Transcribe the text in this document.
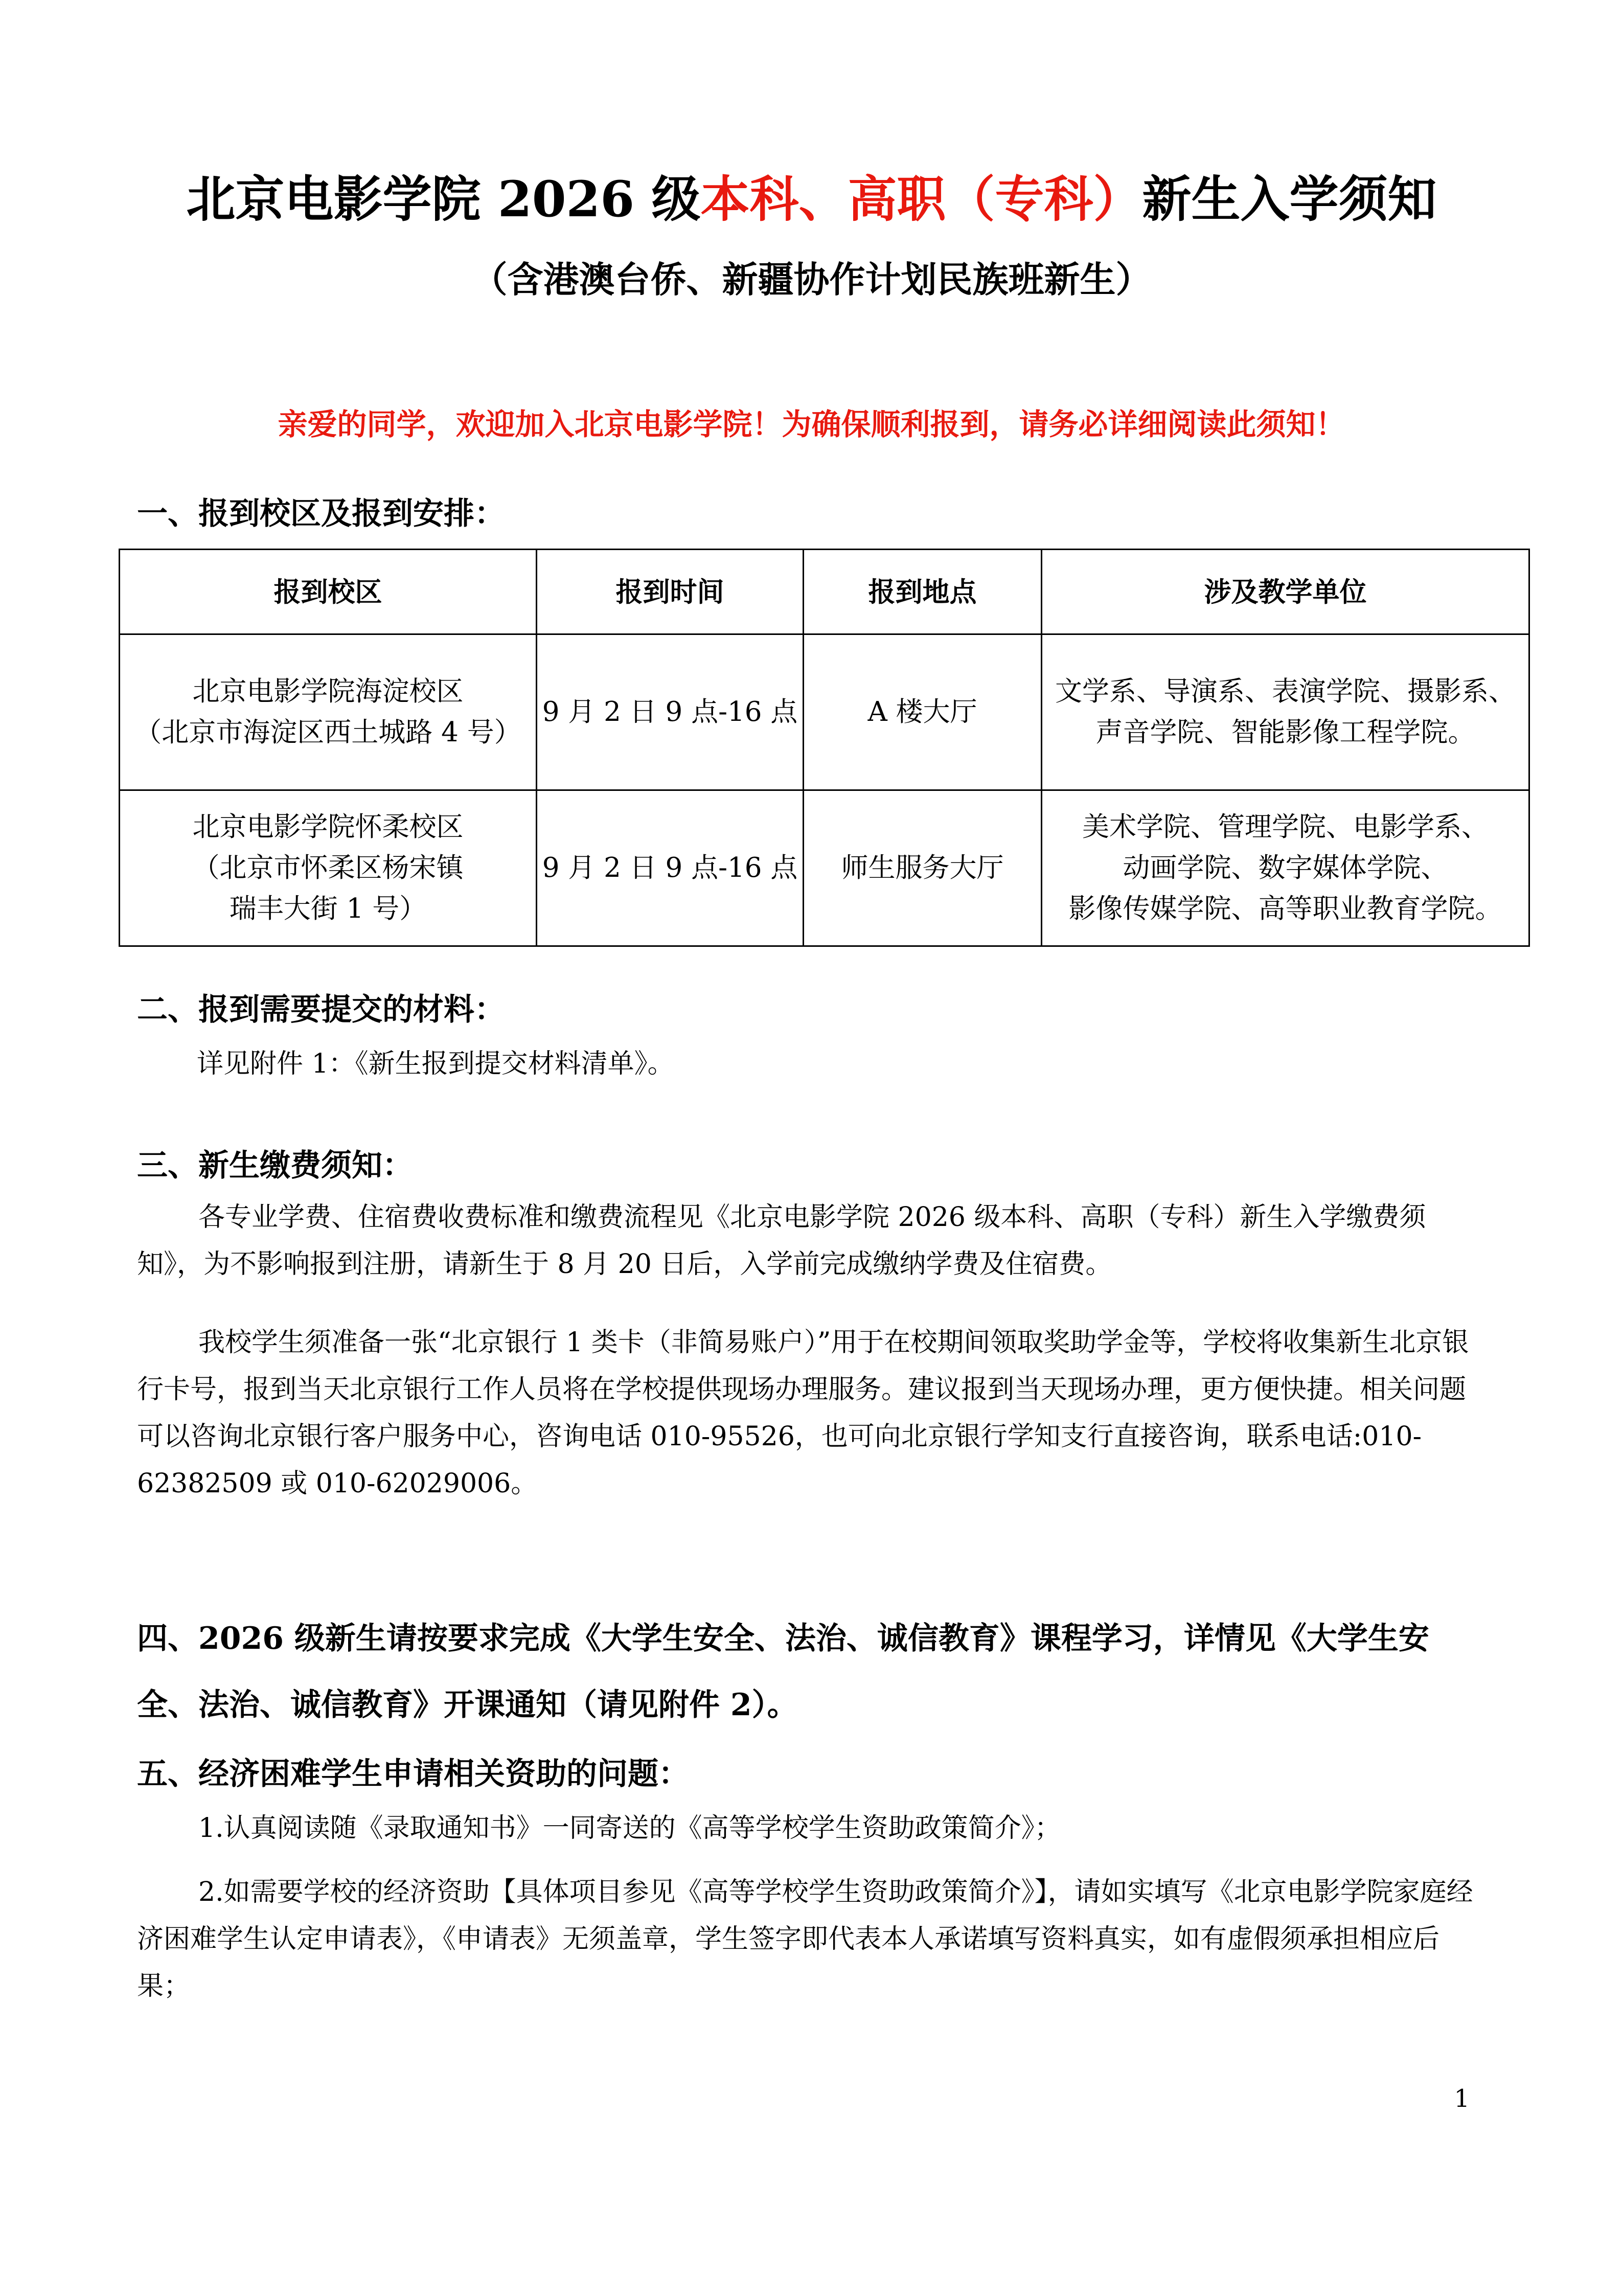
北京电影学院 2026 级本科、高职（专科）新生入学须知
（含港澳台侨、新疆协作计划民族班新生）
亲爱的同学，欢迎加入北京电影学院！为确保顺利报到，请务必详细阅读此须知！
一、报到校区及报到安排：
报到校区	报到时间	报到地点	涉及教学单位

北京电影学院海淀校区
（北京市海淀区西土城路 4 号）	9 月 2 日 9 点-16 点	A 楼大厅	文学系、导演系、表演学院、摄影系、
声音学院、智能影像工程学院。

北京电影学院怀柔校区
（北京市怀柔区杨宋镇
瑞丰大街 1 号）	9 月 2 日 9 点-16 点	师生服务大厅	美术学院、管理学院、电影学系、
动画学院、数字媒体学院、
影像传媒学院、高等职业教育学院。
二、报到需要提交的材料：
详见附件 1：《新生报到提交材料清单》。
三、新生缴费须知：
各专业学费、住宿费收费标准和缴费流程见《北京电影学院 2026 级本科、高职（专科）新生入学缴费须知》，为不影响报到注册，请新生于 8 月 20 日后，入学前完成缴纳学费及住宿费。
我校学生须准备一张“北京银行 1 类卡（非简易账户）”用于在校期间领取奖助学金等，学校将收集新生北京银行卡号，报到当天北京银行工作人员将在学校提供现场办理服务。建议报到当天现场办理，更方便快捷。相关问题可以咨询北京银行客户服务中心，咨询电话 010-95526，也可向北京银行学知支行直接咨询，联系电话:010-62382509 或 010-62029006。
四、2026 级新生请按要求完成《大学生安全、法治、诚信教育》课程学习，详情见《大学生安全、法治、诚信教育》开课通知（请见附件 2）。
五、经济困难学生申请相关资助的问题：
1.认真阅读随《录取通知书》一同寄送的《高等学校学生资助政策简介》；
2.如需要学校的经济资助【具体项目参见《高等学校学生资助政策简介》】，请如实填写《北京电影学院家庭经济困难学生认定申请表》，《申请表》无须盖章，学生签字即代表本人承诺填写资料真实，如有虚假须承担相应后果；
1
